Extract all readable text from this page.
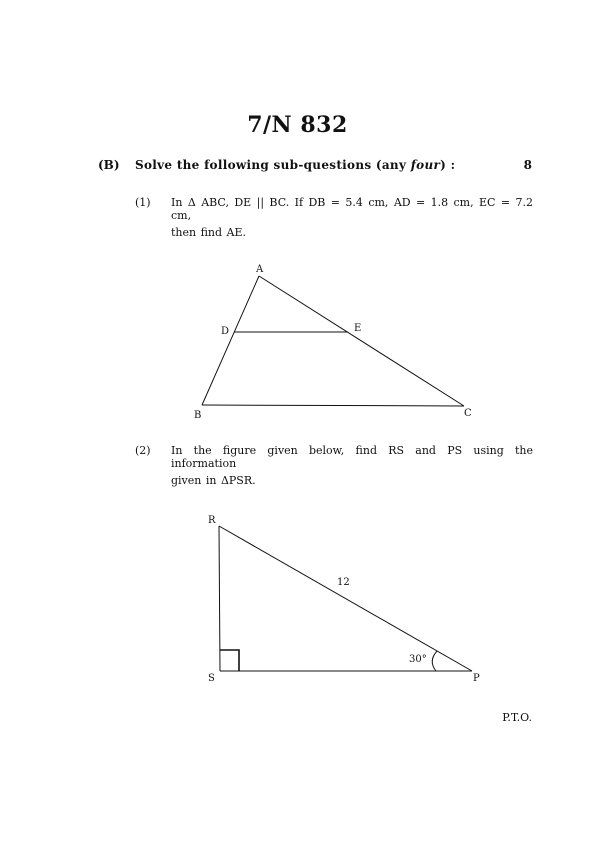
7/N 832
(B) Solve the following sub-questions (any four) :	8
(1) In Δ ABC, DE || BC. If DB = 5.4 cm, AD = 1.8 cm, EC = 7.2 cm,
then find AE.
A
B	C
D	E
R
S	P
12
30°
(2) In the figure given below, find RS and PS using the information
given in ΔPSR.
P.T.O.
